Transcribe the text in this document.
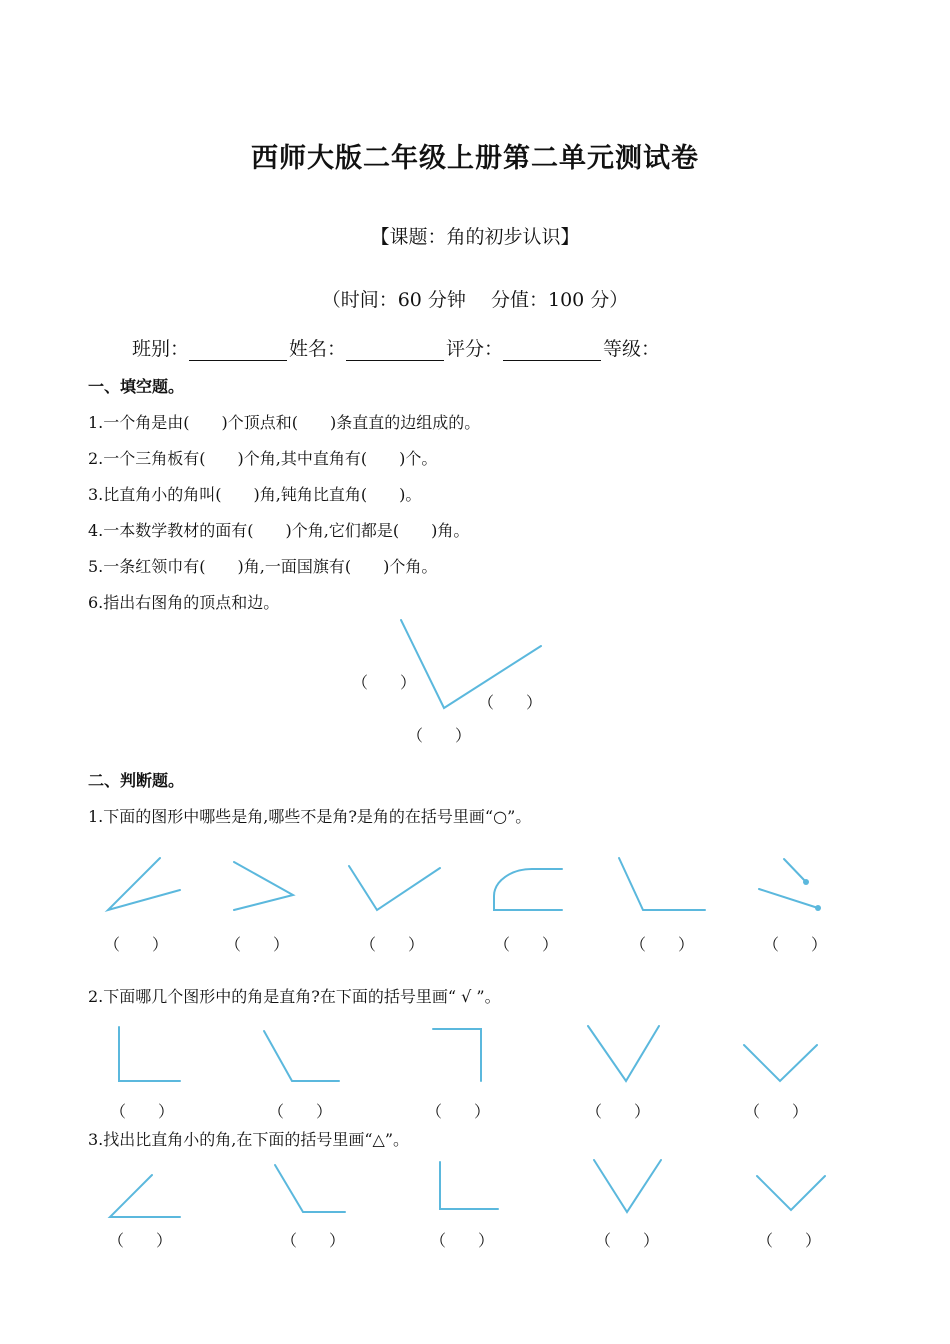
西师大版二年级上册第二单元测试卷
【课题：角的初步认识】
（时间：60 分钟　 分值：100 分）
班别：	姓名：	评分：	等级：
一、填空题。
1.一个角是由(　　)个顶点和(　　)条直直的边组成的。
2.一个三角板有(　　)个角,其中直角有(　　)个。
3.比直角小的角叫(　　)角,钝角比直角(　　)。
4.一本数学教材的面有(　　)个角,它们都是(　　)角。
5.一条红领巾有(　　)角,一面国旗有(　　)个角。
6.指出右图角的顶点和边。
（　　）
（　　）
（　　）
二、判断题。
1.下面的图形中哪些是角,哪些不是角?是角的在括号里画“○”。
（　　）	（　　）	（　　）	（　　）	（　　）	（　　）
2.下面哪几个图形中的角是直角?在下面的括号里画“ √ ”。
（　　）	（　　）	（　　）	（　　）	（　　）
3.找出比直角小的角,在下面的括号里画“△”。
（　　）	（　　）	（　　）	（　　）	（　　）
